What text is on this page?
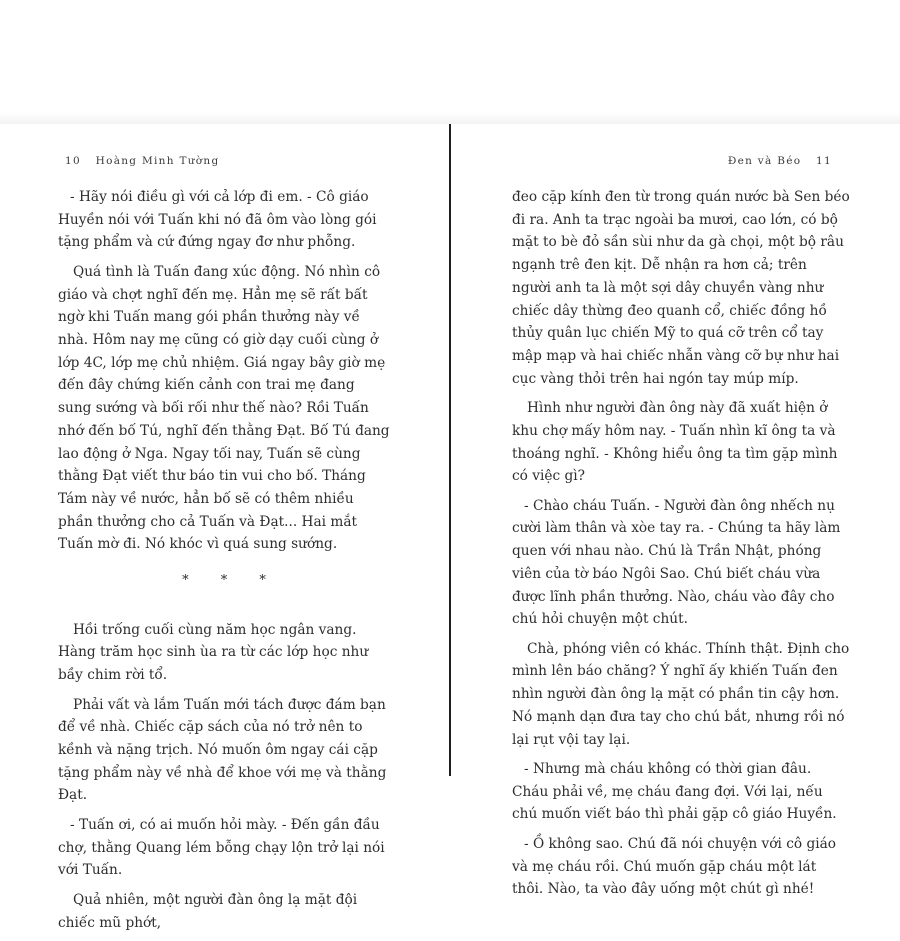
10 Hoàng Minh Tường	Đen và Béo 11

- Hãy nói điều gì với cả lớp đi em. - Cô giáo Huyền nói với Tuấn khi nó đã ôm vào lòng gói tặng phẩm và cứ đứng ngay đơ như phỗng.

Quá tình là Tuấn đang xúc động. Nó nhìn cô giáo và chợt nghĩ đến mẹ. Hẳn mẹ sẽ rất bất ngờ khi Tuấn mang gói phần thưởng này về nhà. Hôm nay mẹ cũng có giờ dạy cuối cùng ở lớp 4C, lớp mẹ chủ nhiệm. Giá ngay bây giờ mẹ đến đây chứng kiến cảnh con trai mẹ đang sung sướng và bối rối như thế nào? Rồi Tuấn nhớ đến bố Tú, nghĩ đến thằng Đạt. Bố Tú đang lao động ở Nga. Ngay tối nay, Tuấn sẽ cùng thằng Đạt viết thư báo tin vui cho bố. Tháng Tám này về nước, hẳn bố sẽ có thêm nhiều phần thưởng cho cả Tuấn và Đạt... Hai mắt Tuấn mờ đi. Nó khóc vì quá sung sướng.

* * *

Hồi trống cuối cùng năm học ngân vang. Hàng trăm học sinh ùa ra từ các lớp học như bầy chim rời tổ.

Phải vất và lắm Tuấn mới tách được đám bạn để về nhà. Chiếc cặp sách của nó trở nên to kềnh và nặng trịch. Nó muốn ôm ngay cái cặp tặng phẩm này về nhà để khoe với mẹ và thằng Đạt.

- Tuấn ơi, có ai muốn hỏi mày. - Đến gần đầu chợ, thằng Quang lém bỗng chạy lộn trở lại nói với Tuấn.

Quả nhiên, một người đàn ông lạ mặt đội chiếc mũ phớt,

đeo cặp kính đen từ trong quán nước bà Sen béo đi ra. Anh ta trạc ngoài ba mươi, cao lớn, có bộ mặt to bè đỏ sần sùi như da gà chọi, một bộ râu ngạnh trê đen kịt. Dễ nhận ra hơn cả; trên người anh ta là một sợi dây chuyền vàng như chiếc dây thừng đeo quanh cổ, chiếc đồng hồ thủy quân lục chiến Mỹ to quá cỡ trên cổ tay mập mạp và hai chiếc nhẫn vàng cỡ bự như hai cục vàng thỏi trên hai ngón tay múp míp.

Hình như người đàn ông này đã xuất hiện ở khu chợ mấy hôm nay. - Tuấn nhìn kĩ ông ta và thoáng nghĩ. - Không hiểu ông ta tìm gặp mình có việc gì?

- Chào cháu Tuấn. - Người đàn ông nhếch nụ cười làm thân và xòe tay ra. - Chúng ta hãy làm quen với nhau nào. Chú là Trần Nhật, phóng viên của tờ báo Ngôi Sao. Chú biết cháu vừa được lĩnh phần thưởng. Nào, cháu vào đây cho chú hỏi chuyện một chút.

Chà, phóng viên có khác. Thính thật. Định cho mình lên báo chăng? Ý nghĩ ấy khiến Tuấn đen nhìn người đàn ông lạ mặt có phần tin cậy hơn. Nó mạnh dạn đưa tay cho chú bắt, nhưng rồi nó lại rụt vội tay lại.

- Nhưng mà cháu không có thời gian đâu. Cháu phải về, mẹ cháu đang đợi. Với lại, nếu chú muốn viết báo thì phải gặp cô giáo Huyền.

- Ồ không sao. Chú đã nói chuyện với cô giáo và mẹ cháu rồi. Chú muốn gặp cháu một lát thôi. Nào, ta vào đây uống một chút gì nhé!
